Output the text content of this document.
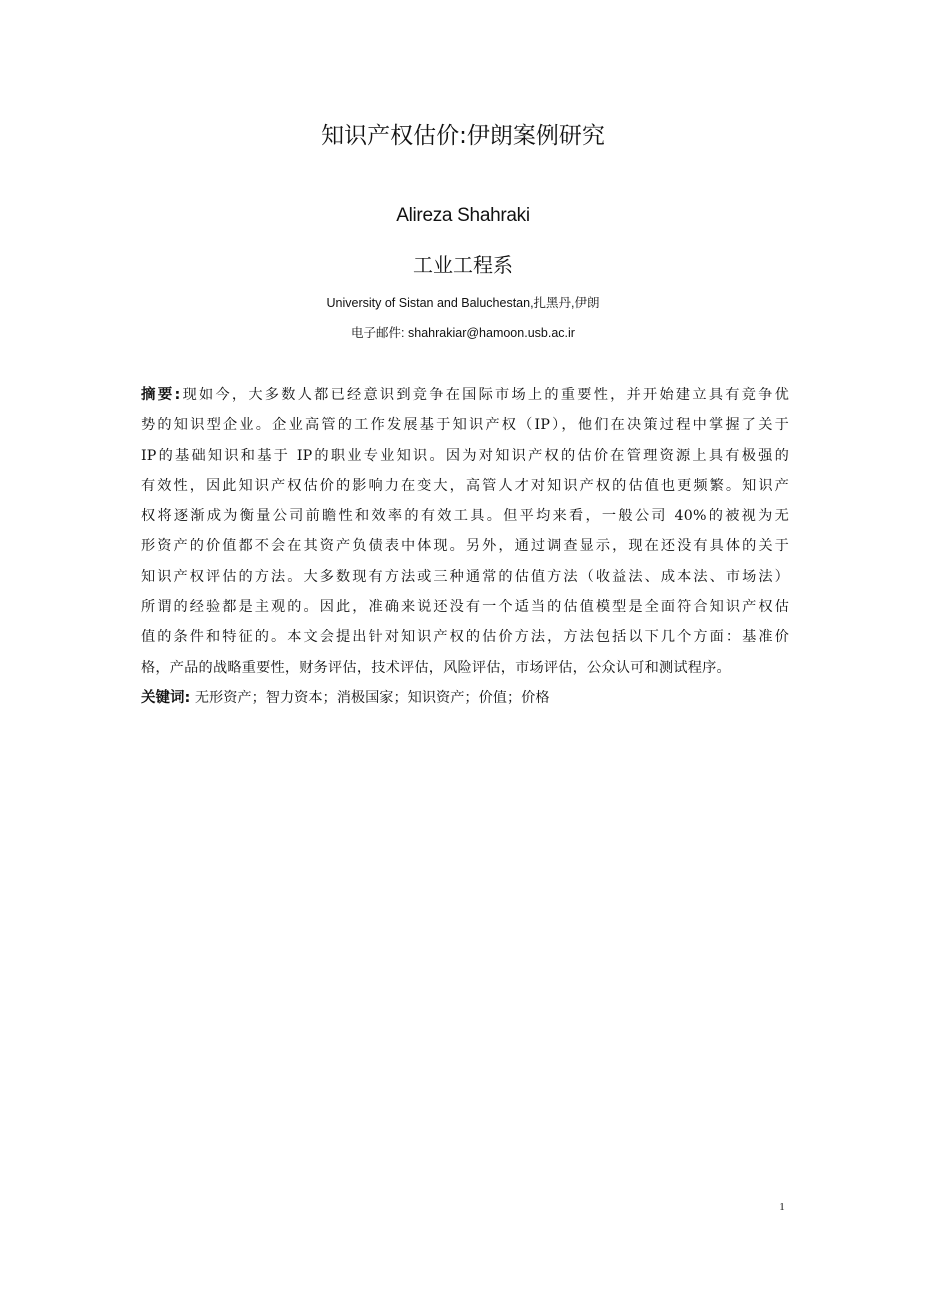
知识产权估价:伊朗案例研究
Alireza Shahraki
工业工程系
University of Sistan and Baluchestan,扎黑丹,伊朗
电子邮件: shahrakiar@hamoon.usb.ac.ir
摘要:现如今，大多数人都已经意识到竞争在国际市场上的重要性，并开始建立具有竞争优
势的知识型企业。企业高管的工作发展基于知识产权（IP），他们在决策过程中掌握了关于
IP的基础知识和基于 IP的职业专业知识。因为对知识产权的估价在管理资源上具有极强的
有效性，因此知识产权估价的影响力在变大，高管人才对知识产权的估值也更频繁。知识产
权将逐渐成为衡量公司前瞻性和效率的有效工具。但平均来看，一般公司 40%的被视为无
形资产的价值都不会在其资产负债表中体现。另外，通过调查显示，现在还没有具体的关于
知识产权评估的方法。大多数现有方法或三种通常的估值方法（收益法、成本法、市场法）
所谓的经验都是主观的。因此，准确来说还没有一个适当的估值模型是全面符合知识产权估
值的条件和特征的。本文会提出针对知识产权的估价方法，方法包括以下几个方面：基准价
格，产品的战略重要性，财务评估，技术评估，风险评估，市场评估，公众认可和测试程序。
关键词: 无形资产；智力资本；消极国家；知识资产；价值；价格
1
